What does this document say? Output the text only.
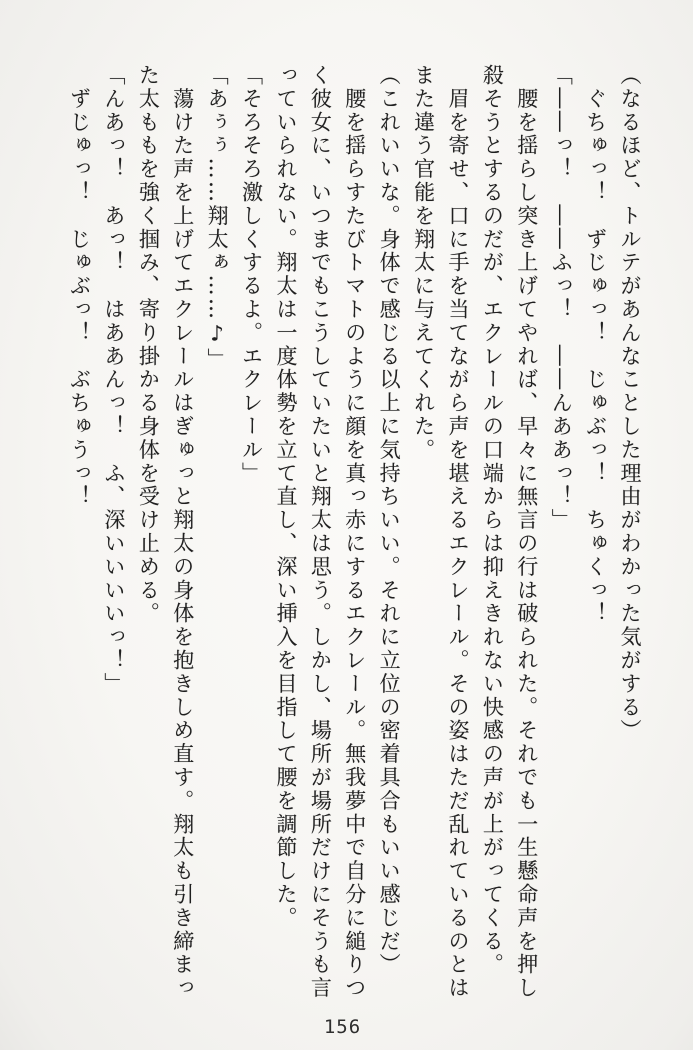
（なるほど、トルテがあんなことした理由がわかった気がする）

　ぐちゅっ！　ずじゅっ！　じゅぶっ！　ちゅくっ！

「――っ！　――ふっ！　――んああっ！」

　腰を揺らし突き上げてやれば、早々に無言の行は破られた。それでも一生懸命声を押し

殺そうとするのだが、エクレールの口端からは抑えきれない快感の声が上がってくる。

　眉を寄せ、口に手を当てながら声を堪えるエクレール。その姿はただ乱れているのとは

また違う官能を翔太に与えてくれた。

（これいいな。身体で感じる以上に気持ちいい。それに立位の密着具合もいい感じだ）

　腰を揺らすたびトマトのように顔を真っ赤にするエクレール。無我夢中で自分に縋りつ

く彼女に、いつまでもこうしていたいと翔太は思う。しかし、場所が場所だけにそうも言

っていられない。翔太は一度体勢を立て直し、深い挿入を目指して腰を調節した。

「そろそろ激しくするよ。エクレール」

「あぅぅ……翔太ぁ……♪」

　蕩けた声を上げてエクレールはぎゅっと翔太の身体を抱きしめ直す。翔太も引き締まっ

た太ももを強く掴み、寄り掛かる身体を受け止める。

「んあっ！　あっ！　はああんっ！　ふ、深いいいいっ！」

　ずじゅっ！　じゅぶっ！　ぶちゅうっ！

156
